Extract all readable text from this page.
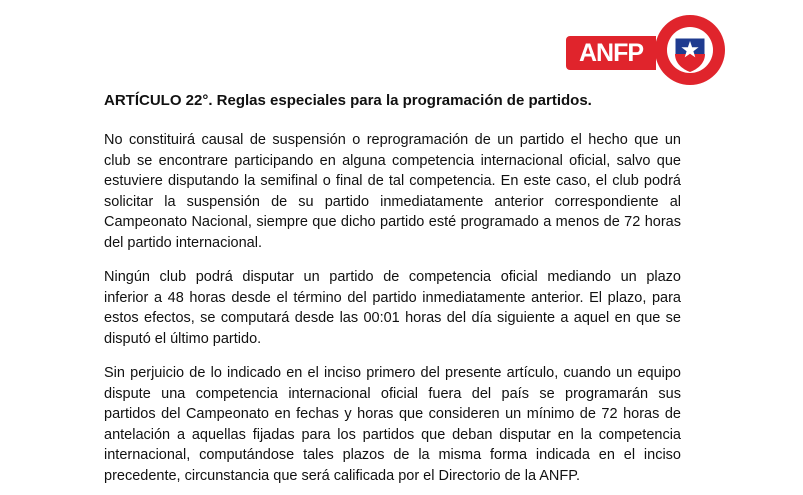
ANFP
ARTÍCULO 22°. Reglas especiales para la programación de partidos.
No constituirá causal de suspensión o reprogramación de un partido el hecho que un
club se encontrare participando en alguna competencia internacional oficial, salvo que
estuviere disputando la semifinal o final de tal competencia. En este caso, el club podrá
solicitar la suspensión de su partido inmediatamente anterior correspondiente al
Campeonato Nacional, siempre que dicho partido esté programado a menos de 72 horas
del partido internacional.
Ningún club podrá disputar un partido de competencia oficial mediando un plazo
inferior a 48 horas desde el término del partido inmediatamente anterior. El plazo, para
estos efectos, se computará desde las 00:01 horas del día siguiente a aquel en que se
disputó el último partido.
Sin perjuicio de lo indicado en el inciso primero del presente artículo, cuando un equipo
dispute una competencia internacional oficial fuera del país se programarán sus
partidos del Campeonato en fechas y horas que consideren un mínimo de 72 horas de
antelación a aquellas fijadas para los partidos que deban disputar en la competencia
internacional, computándose tales plazos de la misma forma indicada en el inciso
precedente, circunstancia que será calificada por el Directorio de la ANFP.
